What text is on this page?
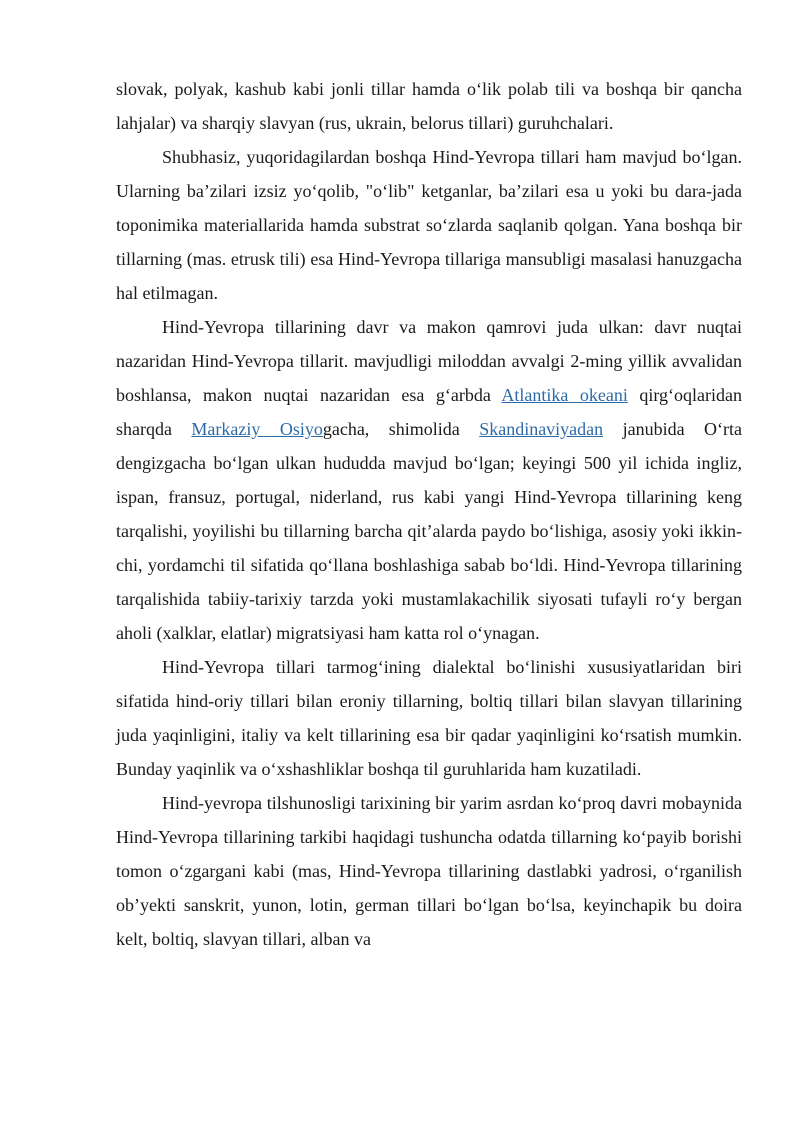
slovak, polyak, kashub kabi jonli tillar hamda o‘lik polab tili va boshqa bir qancha lahjalar) va sharqiy slavyan (rus, ukrain, belorus tillari) guruhchalari.

Shubhasiz, yuqoridagilardan boshqa Hind-Yevropa tillari ham mavjud bo‘lgan. Ularning ba’zilari izsiz yo‘qolib, "o‘lib" ketganlar, ba’zilari esa u yoki bu dara-jada toponimika materiallarida hamda substrat so‘zlarda saqlanib qolgan. Yana boshqa bir tillarning (mas. etrusk tili) esa Hind-Yevropa tillariga mansubligi masalasi hanuzgacha hal etilmagan.

Hind-Yevropa tillarining davr va makon qamrovi juda ulkan: davr nuqtai nazaridan Hind-Yevropa tillarit. mavjudligi miloddan avvalgi 2-ming yillik avvalidan boshlansa, makon nuqtai nazaridan esa g‘arbda Atlantika okeani qirg‘oqlaridan sharqda Markaziy Osiyogacha, shimolida Skandinaviyadan janubida O‘rta dengizgacha bo‘lgan ulkan hududda mavjud bo‘lgan; keyingi 500 yil ichida ingliz, ispan, fransuz, portugal, niderland, rus kabi yangi Hind-Yevropa tillarining keng tarqalishi, yoyilishi bu tillarning barcha qit’alarda paydo bo‘lishiga, asosiy yoki ikkin-chi, yordamchi til sifatida qo‘llana boshlashiga sabab bo‘ldi. Hind-Yevropa tillarining tarqalishida tabiiy-tarixiy tarzda yoki mustamlakachilik siyosati tufayli ro‘y bergan aholi (xalklar, elatlar) migratsiyasi ham katta rol o‘ynagan.

Hind-Yevropa tillari tarmog‘ining dialektal bo‘linishi xususiyatlaridan biri sifatida hind-oriy tillari bilan eroniy tillarning, boltiq tillari bilan slavyan tillarining juda yaqinligini, italiy va kelt tillarining esa bir qadar yaqinligini ko‘rsatish mumkin. Bunday yaqinlik va o‘xshashliklar boshqa til guruhlarida ham kuzatiladi.

Hind-yevropa tilshunosligi tarixining bir yarim asrdan ko‘proq davri mobaynida Hind-Yevropa tillarining tarkibi haqidagi tushuncha odatda tillarning ko‘payib borishi tomon o‘zgargani kabi (mas, Hind-Yevropa tillarining dastlabki yadrosi, o‘rganilish ob’yekti sanskrit, yunon, lotin, german tillari bo‘lgan bo‘lsa, keyinchapik bu doira kelt, boltiq, slavyan tillari, alban va
